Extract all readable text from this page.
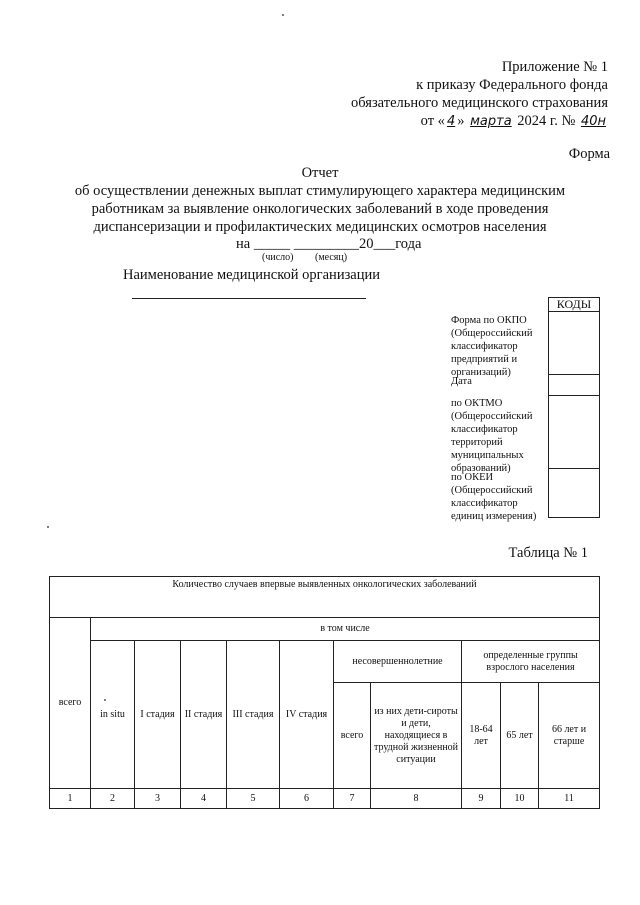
Приложение № 1
к приказу Федерального фонда
обязательного медицинского страхования
от « 4 » марта 2024 г. № 40н
Форма
Отчет
об осуществлении денежных выплат стимулирующего характера медицинским
работникам за выявление онкологических заболеваний в ходе проведения
диспансеризации и профилактических медицинских осмотров населения
на _____ _________20___года
(число) (месяц)
Наименование медицинской организации
КОДЫ
Форма по ОКПО (Общероссийский классификатор предприятий и организаций)
Дата
по ОКТМО (Общероссийский классификатор территорий муниципальных образований)
по ОКЕИ (Общероссийский классификатор единиц измерения)
Таблица № 1
Количество случаев впервые выявленных онкологических заболеваний										
всего	в том числе									
	in situ	I стадия	II стадия	III стадия	IV стадия	несовершеннолетние		определенные группы взрослого населения		
						всего	из них дети-сироты и дети, находящиеся в трудной жизненной ситуации	18-64 лет	65 лет	66 лет и старше

1	2	3	4	5	6	7	8	9	10	11
